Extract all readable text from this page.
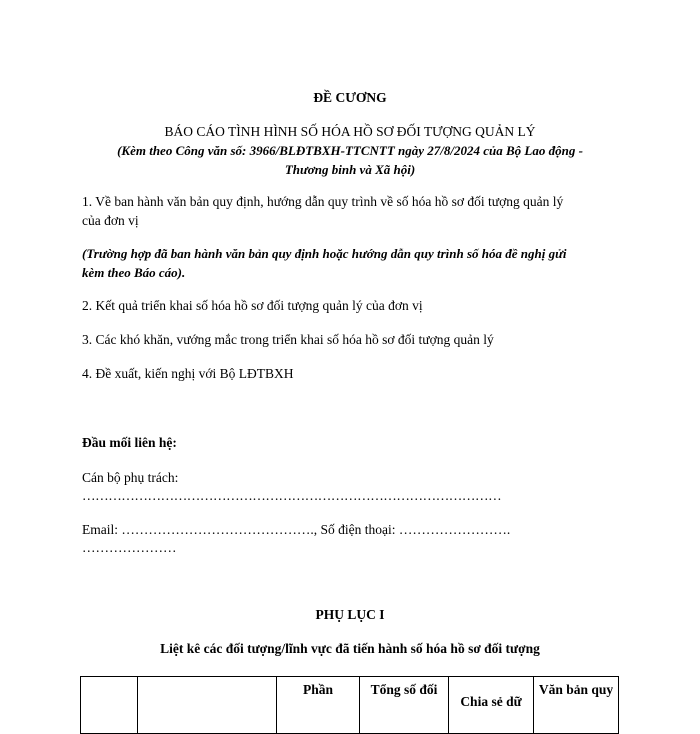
ĐỀ CƯƠNG
BÁO CÁO TÌNH HÌNH SỐ HÓA HỒ SƠ ĐỐI TƯỢNG QUẢN LÝ
(Kèm theo Công văn số: 3966/BLĐTBXH-TTCNTT ngày 27/8/2024 của Bộ Lao động -
Thương binh và Xã hội)
1. Về ban hành văn bản quy định, hướng dẫn quy trình về số hóa hồ sơ đối tượng quản lý
của đơn vị
(Trường hợp đã ban hành văn bản quy định hoặc hướng dẫn quy trình số hóa đề nghị gửi
kèm theo Báo cáo).
2. Kết quả triển khai số hóa hồ sơ đối tượng quản lý của đơn vị
3. Các khó khăn, vướng mắc trong triển khai số hóa hồ sơ đối tượng quản lý
4. Đề xuất, kiến nghị với Bộ LĐTBXH
Đầu mối liên hệ:
Cán bộ phụ trách:
……………………………………………………………………………………
Email: ……………………………………., Số điện thoại: …………………….
…………………
PHỤ LỤC I
Liệt kê các đối tượng/lĩnh vực đã tiến hành số hóa hồ sơ đối tượng
		Phần	Tổng số đối	Chia sẻ dữ	Văn bản quy
